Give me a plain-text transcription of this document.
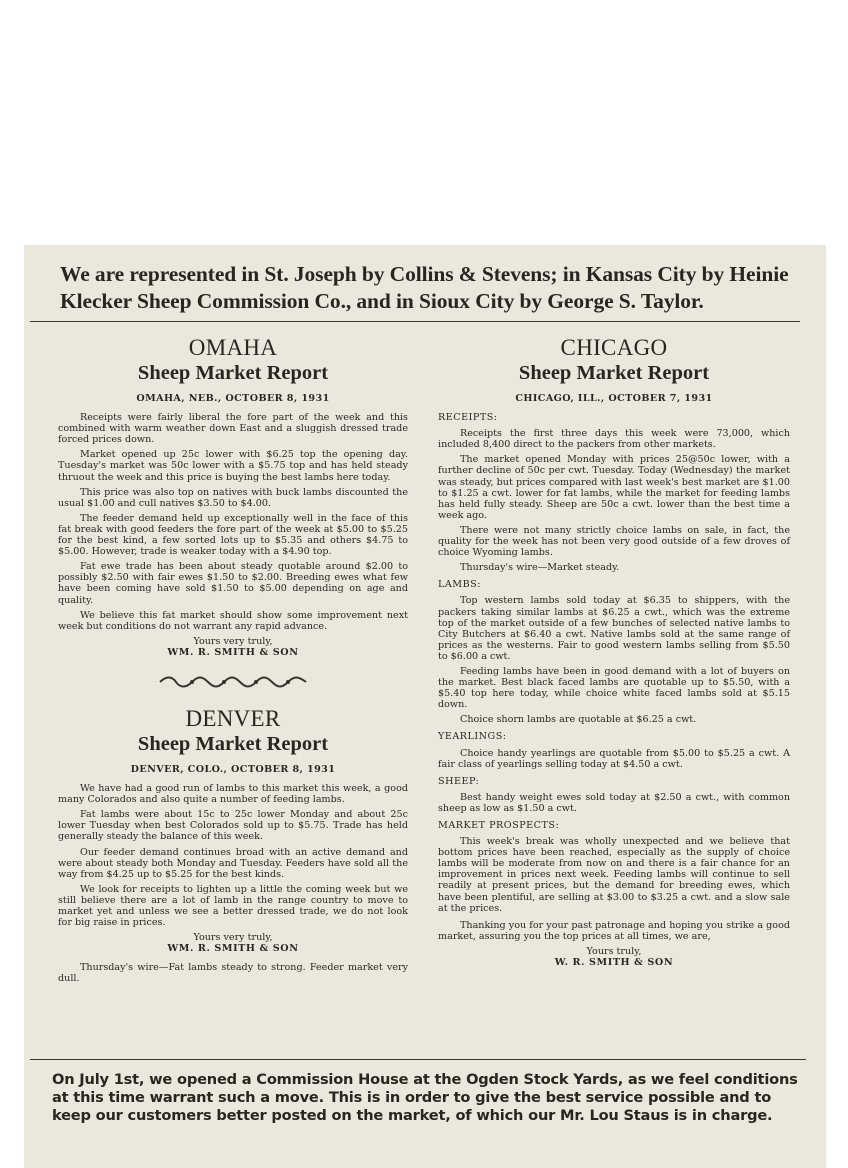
We are represented in St. Joseph by Collins & Stevens; in Kansas City by Heinie Klecker Sheep Commission Co., and in Sioux City by George S. Taylor.
OMAHA
Sheep Market Report
OMAHA, NEB., OCTOBER 8, 1931

Receipts were fairly liberal the fore part of the week and this combined with warm weather down East and a sluggish dressed trade forced prices down.

Market opened up 25c lower with $6.25 top the opening day. Tuesday's market was 50c lower with a $5.75 top and has held steady thruout the week and this price is buying the best lambs here today.

This price was also top on natives with buck lambs discounted the usual $1.00 and cull natives $3.50 to $4.00.

The feeder demand held up exceptionally well in the face of this fat break with good feeders the fore part of the week at $5.00 to $5.25 for the best kind, a few sorted lots up to $5.35 and others $4.75 to $5.00. However, trade is weaker today with a $4.90 top.

Fat ewe trade has been about steady quotable around $2.00 to possibly $2.50 with fair ewes $1.50 to $2.00. Breeding ewes what few have been coming have sold $1.50 to $5.00 depending on age and quality.

We believe this fat market should show some improvement next week but conditions do not warrant any rapid advance.

Yours very truly,
WM. R. SMITH & SON
DENVER
Sheep Market Report
DENVER, COLO., OCTOBER 8, 1931

We have had a good run of lambs to this market this week, a good many Colorados and also quite a number of feeding lambs.

Fat lambs were about 15c to 25c lower Monday and about 25c lower Tuesday when best Colorados sold up to $5.75. Trade has held generally steady the balance of this week.

Our feeder demand continues broad with an active demand and were about steady both Monday and Tuesday. Feeders have sold all the way from $4.25 up to $5.25 for the best kinds.

We look for receipts to lighten up a little the coming week but we still believe there are a lot of lamb in the range country to move to market yet and unless we see a better dressed trade, we do not look for big raise in prices.

Yours very truly,
WM. R. SMITH & SON

Thursday's wire—Fat lambs steady to strong. Feeder market very dull.

CHICAGO
Sheep Market Report
CHICAGO, ILL., OCTOBER 7, 1931
RECEIPTS:

Receipts the first three days this week were 73,000, which included 8,400 direct to the packers from other markets.

The market opened Monday with prices 25@50c lower, with a further decline of 50c per cwt. Tuesday. Today (Wednesday) the market was steady, but prices compared with last week's best market are $1.00 to $1.25 a cwt. lower for fat lambs, while the market for feeding lambs has held fully steady. Sheep are 50c a cwt. lower than the best time a week ago.

There were not many strictly choice lambs on sale, in fact, the quality for the week has not been very good outside of a few droves of choice Wyoming lambs.

Thursday's wire—Market steady.

LAMBS:

Top western lambs sold today at $6.35 to shippers, with the packers taking similar lambs at $6.25 a cwt., which was the extreme top of the market outside of a few bunches of selected native lambs to City Butchers at $6.40 a cwt. Native lambs sold at the same range of prices as the westerns. Fair to good western lambs selling from $5.50 to $6.00 a cwt.

Feeding lambs have been in good demand with a lot of buyers on the market. Best black faced lambs are quotable up to $5.50, with a $5.40 top here today, while choice white faced lambs sold at $5.15 down.

Choice shorn lambs are quotable at $6.25 a cwt.

YEARLINGS:

Choice handy yearlings are quotable from $5.00 to $5.25 a cwt. A fair class of yearlings selling today at $4.50 a cwt.

SHEEP:

Best handy weight ewes sold today at $2.50 a cwt., with common sheep as low as $1.50 a cwt.

MARKET PROSPECTS:

This week's break was wholly unexpected and we believe that bottom prices have been reached, especially as the supply of choice lambs will be moderate from now on and there is a fair chance for an improvement in prices next week. Feeding lambs will continue to sell readily at present prices, but the demand for breeding ewes, which have been plentiful, are selling at $3.00 to $3.25 a cwt. and a slow sale at the prices.

Thanking you for your past patronage and hoping you strike a good market, assuring you the top prices at all times, we are,

Yours truly,
W. R. SMITH & SON
On July 1st, we opened a Commission House at the Ogden Stock Yards, as we feel conditions at this time warrant such a move. This is in order to give the best service possible and to keep our customers better posted on the market, of which our Mr. Lou Staus is in charge.
